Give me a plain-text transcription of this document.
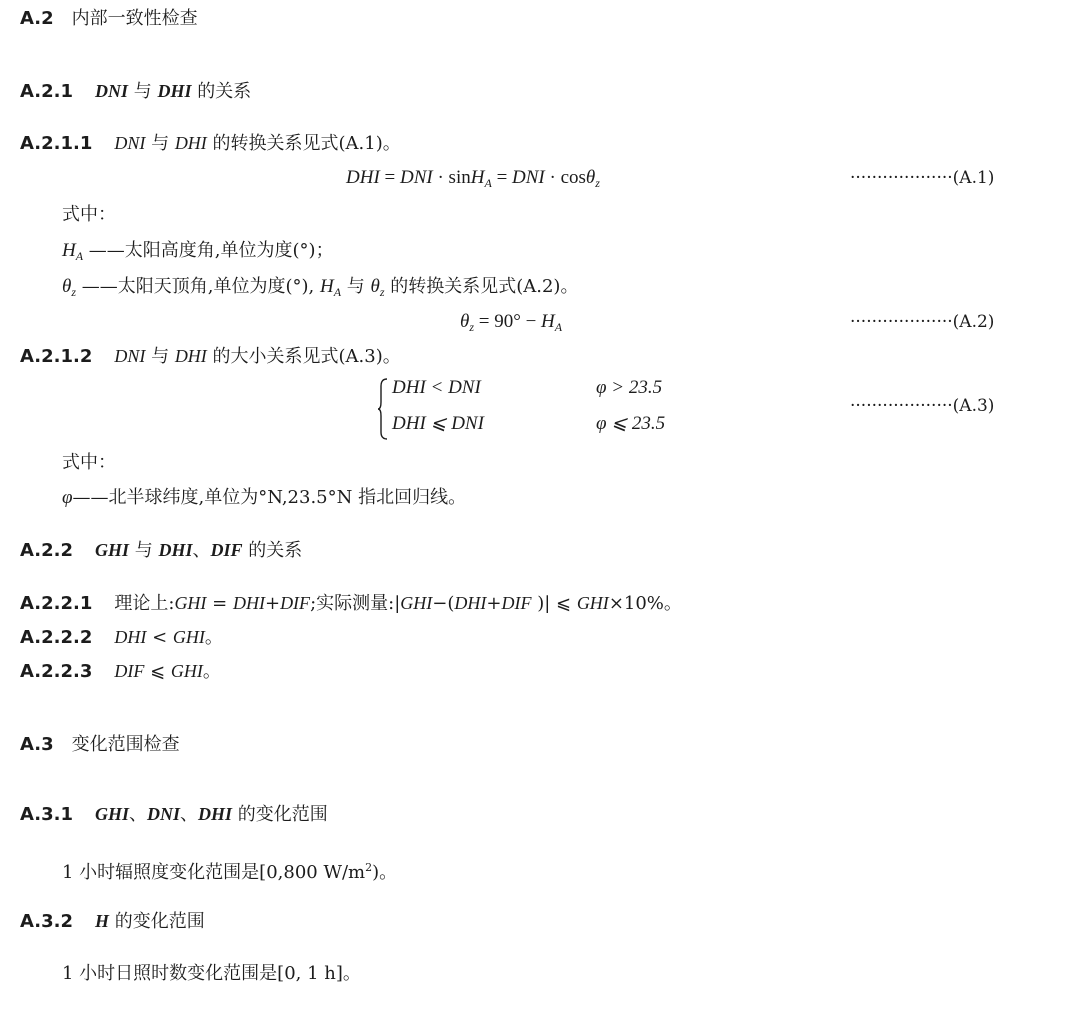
A.2 内部一致性检查
A.2.1 DNI 与 DHI 的关系
A.2.1.1 DNI 与 DHI 的转换关系见式(A.1)。
DHI = DNI · sinH$_A$ = DNI · cosθ$_z$	···················(A.1)
式中：
$H_A$ ——太阳高度角,单位为度(°)；
$\theta_z$ ——太阳天顶角,单位为度(°), $H_A$ 与 $\theta_z$ 的转换关系见式(A.2)。
$\theta_z = 90^\circ - H_A$	···················(A.2)
A.2.1.2 DNI 与 DHI 的大小关系见式(A.3)。
DHI < DNI	φ > 23.5
DHI ⩽ DNI	φ ⩽ 23.5
···················(A.3)
式中：
φ——北半球纬度,单位为°N,23.5°N 指北回归线。
A.2.2 GHI 与 DHI、DIF 的关系
A.2.2.1 理论上:GHI = DHI+DIF;实际测量:|GHI−(DHI+DIF )| ⩽ GHI×10%。
A.2.2.2 DHI < GHI。
A.2.2.3 DIF ⩽ GHI。
A.3 变化范围检查
A.3.1 GHI、DNI、DHI 的变化范围
1 小时辐照度变化范围是[0,800 $W/m^2$)。
A.3.2 H 的变化范围
1 小时日照时数变化范围是[0, 1 h]。
